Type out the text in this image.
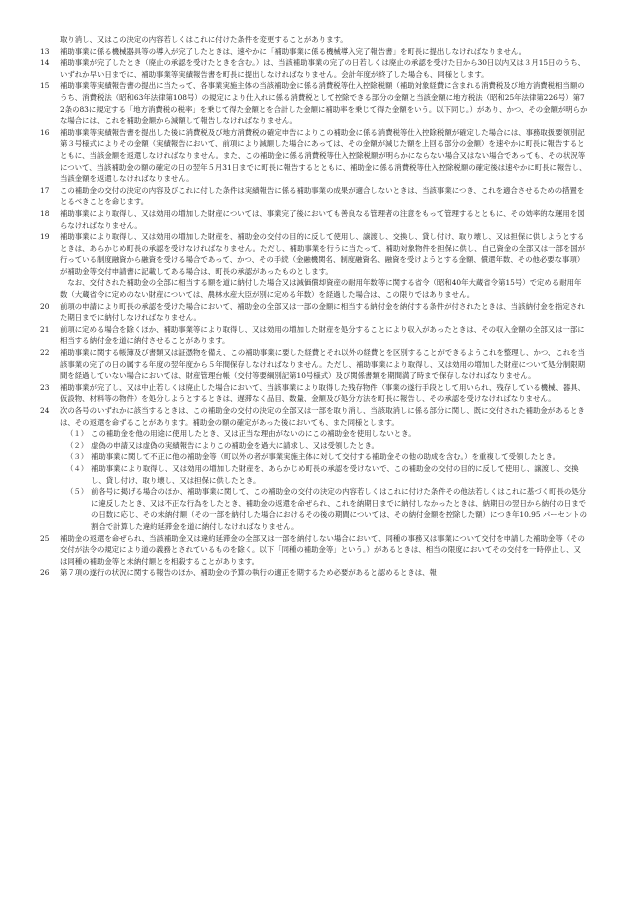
取り消し、又はこの決定の内容若しくはこれに付けた条件を変更することがあります。

13	補助事業に係る機械器具等の導入が完了したときは、速やかに「補助事業に係る機械導入完了報告書」を町長に提出しなければなりません。

14	補助事業が完了したとき（廃止の承認を受けたときを含む。）は、当該補助事業の完了の日若しくは廃止の承認を受けた日から30日以内又は３月15日のうち、いずれか早い日までに、補助事業等実績報告書を町長に提出しなければなりません。会計年度が終了した場合も、同様とします。

15	補助事業等実績報告書の提出に当たって、各事業実施主体の当該補助金に係る消費税等仕入控除税額（補助対象経費に含まれる消費税及び地方消費税相当額のうち、消費税法（昭和63年法律第108号）の規定により仕入れに係る消費税として控除できる部分の金額と当該金額に地方税法（昭和25年法律第226号）第72条の83に規定する「地方消費税の税率」を乗じて得た金額とを合計した金額に補助率を乗じて得た金額をいう。以下同じ。）があり、かつ、その金額が明らかな場合には、これを補助金額から減額して報告しなければなりません。

16	補助事業等実績報告書を提出した後に消費税及び地方消費税の確定申告によりこの補助金に係る消費税等仕入控除税額が確定した場合には、事務取扱要領別記第３号様式によりその金額（実績報告において、前項により減額した場合にあっては、その金額が減じた額を上回る部分の金額）を速やかに町長に報告するとともに、当該金額を返還しなければなりません。また、この補助金に係る消費税等仕入控除税額が明らかにならない場合又はない場合であっても、その状況等について、当該補助金の額の確定の日の翌年５月31日までに町長に報告するとともに、補助金に係る消費税等仕入控除税額の確定後は速やかに町長に報告し、当該金額を返還しなければなりません。

17	この補助金の交付の決定の内容及びこれに付した条件は実績報告に係る補助事業の成果が適合しないときは、当該事業につき、これを適合させるための措置をとるべきことを命じます。

18	補助事業により取得し、又は効用の増加した財産については、事業完了後においても善良なる管理者の注意をもって管理するとともに、その効率的な運用を図らなければなりません。

19	補助事業により取得し、又は効用の増加した財産を、補助金の交付の目的に反して使用し、譲渡し、交換し、貸し付け、取り壊し、又は担保に供しようとするときは、あらかじめ町長の承認を受けなければなりません。ただし、補助事業を行うに当たって、補助対象物件を担保に供し、自己資金の全部又は一部を国が行っている制度融資から融資を受ける場合であって、かつ、その手続（金融機関名、制度融資名、融資を受けようとする金額、償還年数、その他必要な事項）が補助金等交付申請書に記載してある場合は、町長の承認があったものとします。

なお、交付された補助金の全部に相当する額を道に納付した場合又は減価償却資産の耐用年数等に関する省令（昭和40年大蔵省令第15号）で定める耐用年数（大蔵省令に定めのない財産については、農林水産大臣が別に定める年数）を経過した場合は、この限りではありません。

20	前項の申請により町長の承認を受けた場合において、補助金の全部又は一部の金額に相当する納付金を納付する条件が付されたときは、当該納付金を指定された期日までに納付しなければなりません。

21	前項に定める場合を除くほか、補助事業等により取得し、又は効用の増加した財産を処分することにより収入があったときは、その収入金額の全部又は一部に相当する納付金を道に納付させることがあります。

22	補助事業に関する帳簿及び書類又は証憑物を備え、この補助事業に要した経費とそれ以外の経費とを区別することができるようこれを整理し、かつ、これを当該事業の完了の日の属する年度の翌年度から５年間保存しなければなりません。ただし、補助事業により取得し、又は効用の増加した財産について処分制限期間を経過していない場合においては、財産管理台帳（交付等要綱別記第10号様式）及び関係書類を期間満了時まで保存しなければなりません。

23	補助事業が完了し、又は中止若しくは廃止した場合において、当該事業により取得した残存物件（事業の遂行手段として用いられ、残存している機械、器具、仮設物、材料等の物件）を処分しようとするときは、遅滞なく品目、数量、金額及び処分方法を町長に報告し、その承認を受けなければなりません。

24	次の各号のいずれかに該当するときは、この補助金の交付の決定の全部又は一部を取り消し、当該取消しに係る部分に関し、既に交付された補助金があるときは、その返還を命ずることがあります。補助金の額の確定があった後においても、また同様とします。

（１） この補助金を他の用途に使用したとき、又は正当な理由がないのにこの補助金を使用しないとき。

（２） 虚偽の申請又は虚偽の実績報告によりこの補助金を過大に請求し、又は受領したとき。

（３） 補助事業に関して不正に他の補助金等（町以外の者が事業実施主体に対して交付する補助金その他の助成を含む。）を重複して受領したとき。

（４） 補助事業により取得し、又は効用の増加した財産を、あらかじめ町長の承認を受けないで、この補助金の交付の目的に反して使用し、譲渡し、交換し、貸し付け、取り壊し、又は担保に供したとき。

（５） 前各号に掲げる場合のほか、補助事業に関して、この補助金の交付の決定の内容若しくはこれに付けた条件その他法若しくはこれに基づく町長の処分に違反したとき、又は不正な行為をしたとき、補助金の返還を命ぜられ、これを納期日までに納付しなかったときは、納期日の翌日から納付の日までの日数に応じ、その未納付額（その一部を納付した場合におけるその後の期間については、その納付金額を控除した額）につき年10.95 パーセントの割合で計算した違約延滞金を道に納付しなければなりません。

25	補助金の返還を命ぜられ、当該補助金又は違約延滞金の全部又は一部を納付しない場合において、同種の事務又は事業について交付を申請した補助金等（その交付が法令の規定により道の義務とされているものを除く。以下「同種の補助金等」という。）があるときは、相当の限度においてその交付を一時停止し、又は同種の補助金等と未納付額とを相殺することがあります。

26	第７項の遂行の状況に関する報告のほか、補助金の予算の執行の適正を期するため必要があると認めるときは、報
